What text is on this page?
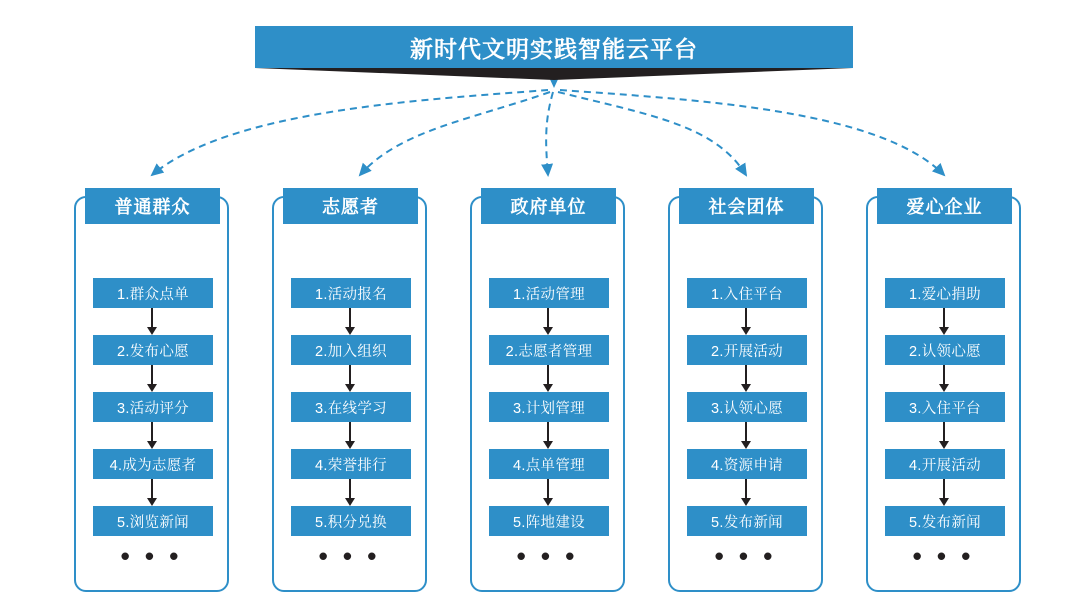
新时代文明实践智能云平台
普通群众
1.群众点单
2.发布心愿
3.活动评分
4.成为志愿者
5.浏览新闻
• • •
志愿者
1.活动报名
2.加入组织
3.在线学习
4.荣誉排行
5.积分兑换
• • •
政府单位
1.活动管理
2.志愿者管理
3.计划管理
4.点单管理
5.阵地建设
• • •
社会团体
1.入住平台
2.开展活动
3.认领心愿
4.资源申请
5.发布新闻
• • •
爱心企业
1.爱心捐助
2.认领心愿
3.入住平台
4.开展活动
5.发布新闻
• • •
